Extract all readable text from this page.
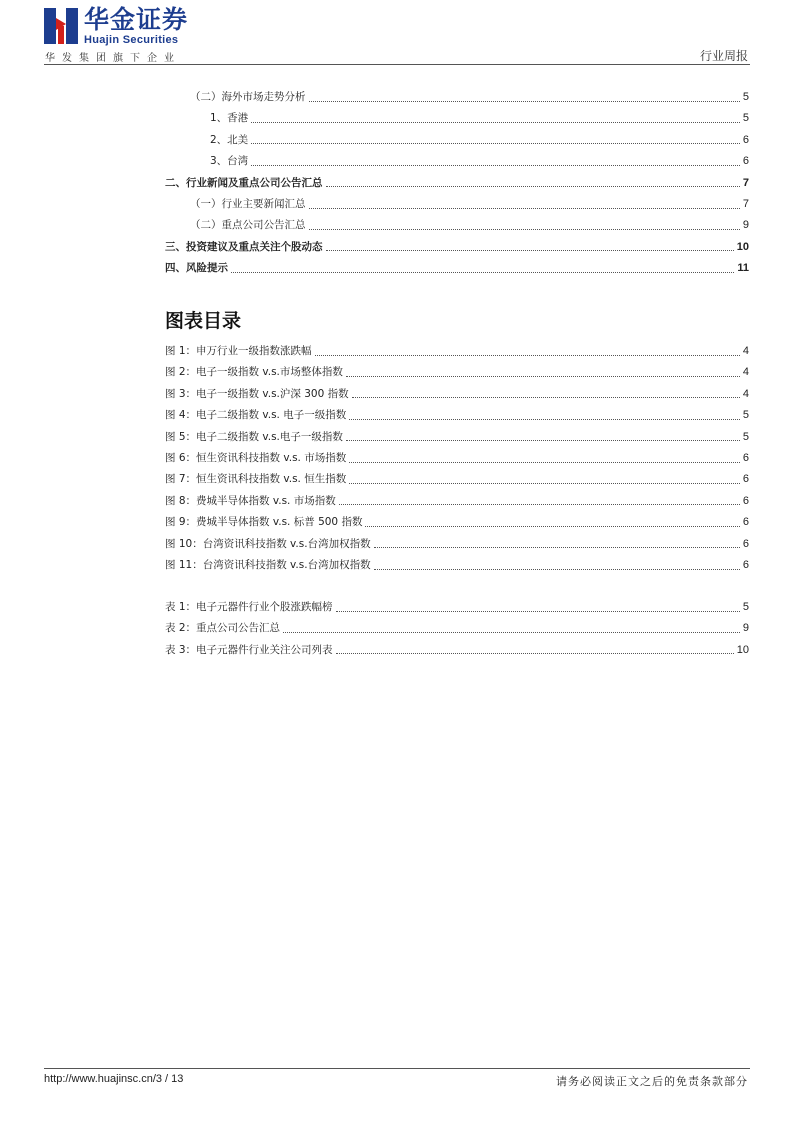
华金证券
Huajin Securities
华发集团旗下企业	行业周报
（二）海外市场走势分析	5
1、香港	5
2、北美	6
3、台湾	6
二、行业新闻及重点公司公告汇总	7
（一）行业主要新闻汇总	7
（二）重点公司公告汇总	9
三、投资建议及重点关注个股动态	10
四、风险提示	11
图表目录
图 1：申万行业一级指数涨跌幅	4
图 2：电子一级指数 v.s.市场整体指数	4
图 3：电子一级指数 v.s.沪深 300 指数	4
图 4：电子二级指数 v.s. 电子一级指数	5
图 5：电子二级指数 v.s.电子一级指数	5
图 6：恒生资讯科技指数 v.s. 市场指数	6
图 7：恒生资讯科技指数 v.s. 恒生指数	6
图 8：费城半导体指数 v.s. 市场指数	6
图 9：费城半导体指数 v.s. 标普 500 指数	6
图 10：台湾资讯科技指数 v.s.台湾加权指数	6
图 11：台湾资讯科技指数 v.s.台湾加权指数	6
表 1：电子元器件行业个股涨跌幅榜	5
表 2：重点公司公告汇总	9
表 3：电子元器件行业关注公司列表	10
http://www.huajinsc.cn/3 / 13	请务必阅读正文之后的免责条款部分
